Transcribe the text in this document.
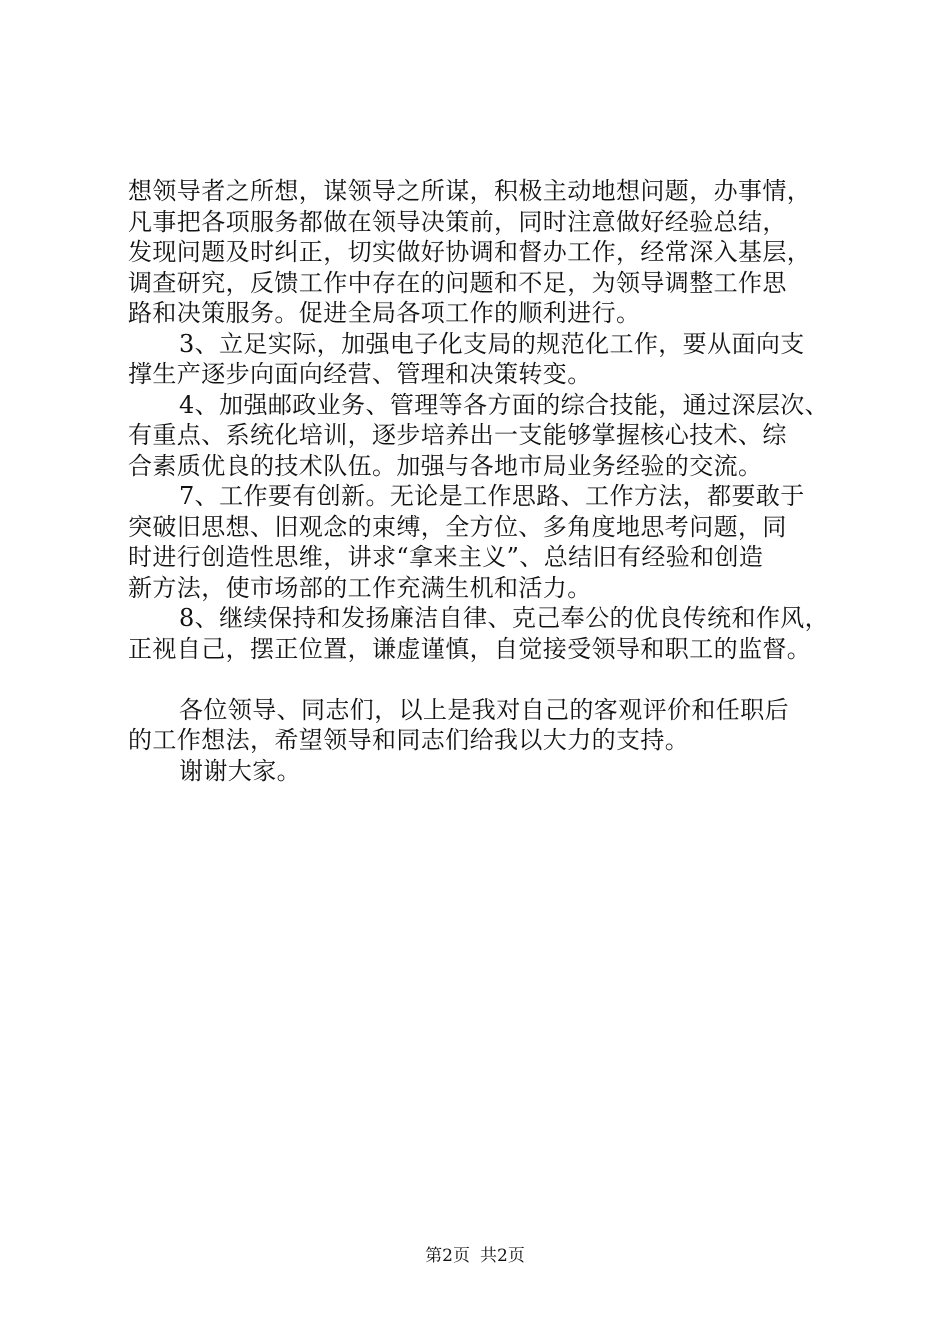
想领导者之所想，谋领导之所谋，积极主动地想问题，办事情，
凡事把各项服务都做在领导决策前，同时注意做好经验总结，
发现问题及时纠正，切实做好协调和督办工作，经常深入基层，
调查研究，反馈工作中存在的问题和不足，为领导调整工作思
路和决策服务。促进全局各项工作的顺利进行。
3、立足实际，加强电子化支局的规范化工作，要从面向支
撑生产逐步向面向经营、管理和决策转变。
4、加强邮政业务、管理等各方面的综合技能，通过深层次、
有重点、系统化培训，逐步培养出一支能够掌握核心技术、综
合素质优良的技术队伍。加强与各地市局业务经验的交流。
7、工作要有创新。无论是工作思路、工作方法，都要敢于
突破旧思想、旧观念的束缚，全方位、多角度地思考问题，同
时进行创造性思维，讲求“拿来主义”、总结旧有经验和创造
新方法，使市场部的工作充满生机和活力。
8、继续保持和发扬廉洁自律、克己奉公的优良传统和作风，
正视自己，摆正位置，谦虚谨慎，自觉接受领导和职工的监督。
各位领导、同志们，以上是我对自己的客观评价和任职后
的工作想法，希望领导和同志们给我以大力的支持。
谢谢大家。
第2页 共2页
